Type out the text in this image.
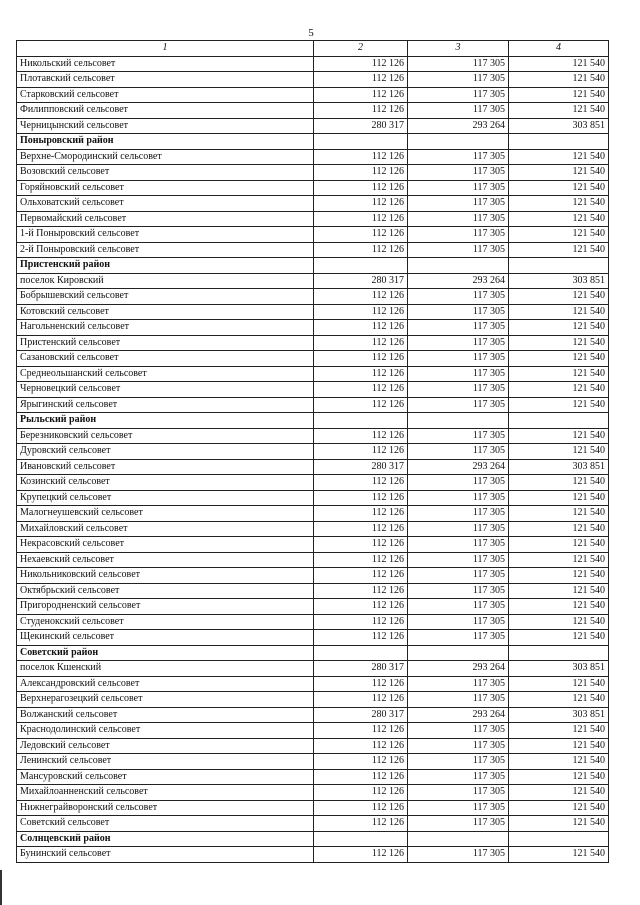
5
1	2	3	4
Никольский сельсовет	112 126	117 305	121 540
Плотавский сельсовет	112 126	117 305	121 540
Старковский сельсовет	112 126	117 305	121 540
Филипповский сельсовет	112 126	117 305	121 540
Черницынский сельсовет	280 317	293 264	303 851
Поныровский район			
Верхне-Смородинский сельсовет	112 126	117 305	121 540
Возовский сельсовет	112 126	117 305	121 540
Горяйновский сельсовет	112 126	117 305	121 540
Ольховатский сельсовет	112 126	117 305	121 540
Первомайский сельсовет	112 126	117 305	121 540
1-й Поныровский сельсовет	112 126	117 305	121 540
2-й Поныровский сельсовет	112 126	117 305	121 540
Пристенский район			
поселок Кировский	280 317	293 264	303 851
Бобрышевский сельсовет	112 126	117 305	121 540
Котовский сельсовет	112 126	117 305	121 540
Нагольненский сельсовет	112 126	117 305	121 540
Пристенский сельсовет	112 126	117 305	121 540
Сазановский сельсовет	112 126	117 305	121 540
Среднеольшанский сельсовет	112 126	117 305	121 540
Черновецкий сельсовет	112 126	117 305	121 540
Ярыгинский сельсовет	112 126	117 305	121 540
Рыльский район			
Березниковский сельсовет	112 126	117 305	121 540
Дуровский сельсовет	112 126	117 305	121 540
Ивановский сельсовет	280 317	293 264	303 851
Козинский сельсовет	112 126	117 305	121 540
Крупецкий сельсовет	112 126	117 305	121 540
Малогнеушевский сельсовет	112 126	117 305	121 540
Михайловский сельсовет	112 126	117 305	121 540
Некрасовский сельсовет	112 126	117 305	121 540
Нехаевский сельсовет	112 126	117 305	121 540
Никольниковский сельсовет	112 126	117 305	121 540
Октябрьский сельсовет	112 126	117 305	121 540
Пригородненский сельсовет	112 126	117 305	121 540
Студенокский сельсовет	112 126	117 305	121 540
Щекинский сельсовет	112 126	117 305	121 540
Советский район			
поселок Кшенский	280 317	293 264	303 851
Александровский сельсовет	112 126	117 305	121 540
Верхнерагозецкий сельсовет	112 126	117 305	121 540
Волжанский сельсовет	280 317	293 264	303 851
Краснодолинский сельсовет	112 126	117 305	121 540
Ледовский сельсовет	112 126	117 305	121 540
Ленинский сельсовет	112 126	117 305	121 540
Мансуровский сельсовет	112 126	117 305	121 540
Михайлоанненский сельсовет	112 126	117 305	121 540
Нижнеграйворонский сельсовет	112 126	117 305	121 540
Советский сельсовет	112 126	117 305	121 540
Солнцевский район			
Бунинский сельсовет	112 126	117 305	121 540
